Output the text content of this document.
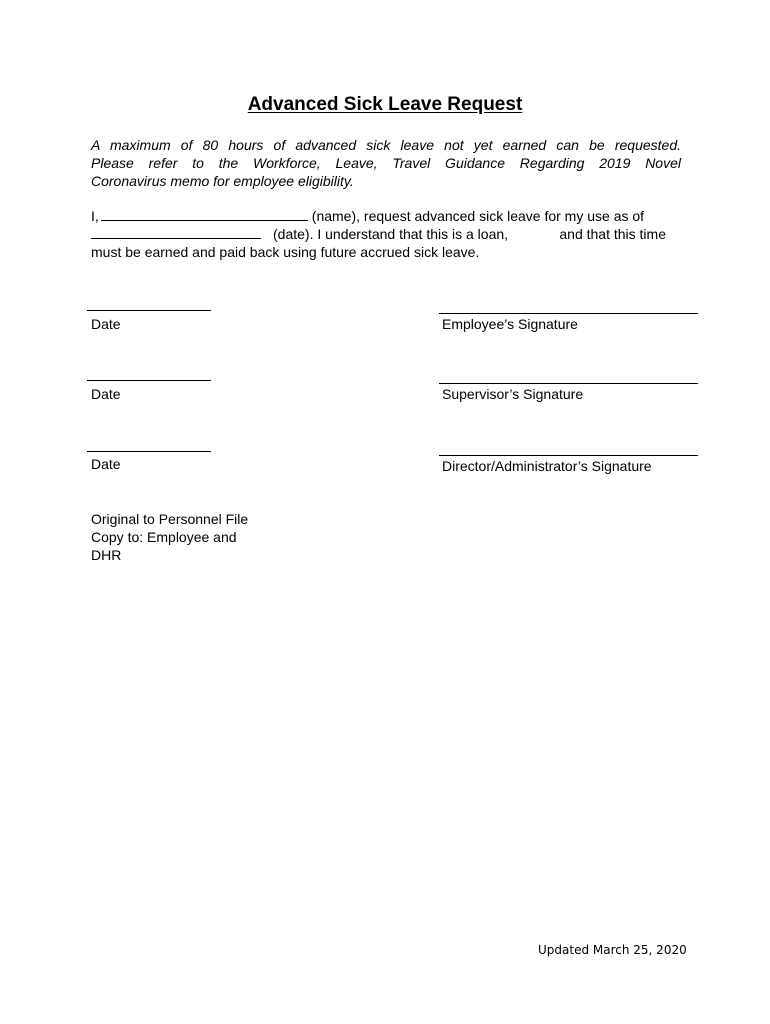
Advanced Sick Leave Request
A maximum of 80 hours of advanced sick leave not yet earned can be requested.
Please refer to the Workforce, Leave, Travel Guidance Regarding 2019 Novel
Coronavirus memo for employee eligibility.
I,	(name), request advanced sick leave for my use as of
(date). I understand that this is a loan,	and that this time
must be earned and paid back using future accrued sick leave.
Date	Employee’s Signature
Date	Supervisor’s Signature
Date	Director/Administrator’s Signature
Original to Personnel File
Copy to: Employee and
DHR
Updated March 25, 2020
